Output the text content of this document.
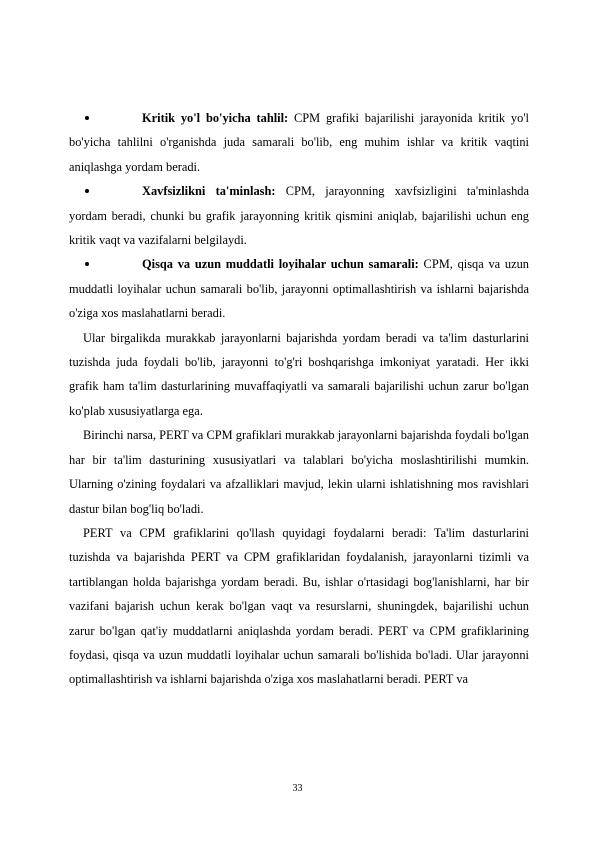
Kritik yo'l bo'yicha tahlil: CPM grafiki bajarilishi jarayonida kritik yo'l bo'yicha tahlilni o'rganishda juda samarali bo'lib, eng muhim ishlar va kritik vaqtini aniqlashga yordam beradi.

Xavfsizlikni ta'minlash: CPM, jarayonning xavfsizligini ta'minlashda yordam beradi, chunki bu grafik jarayonning kritik qismini aniqlab, bajarilishi uchun eng kritik vaqt va vazifalarni belgilaydi.

Qisqa va uzun muddatli loyihalar uchun samarali: CPM, qisqa va uzun muddatli loyihalar uchun samarali bo'lib, jarayonni optimallashtirish va ishlarni bajarishda o'ziga xos maslahatlarni beradi.

Ular birgalikda murakkab jarayonlarni bajarishda yordam beradi va ta'lim dasturlarini tuzishda juda foydali bo'lib, jarayonni to'g'ri boshqarishga imkoniyat yaratadi. Her ikki grafik ham ta'lim dasturlarining muvaffaqiyatli va samarali bajarilishi uchun zarur bo'lgan ko'plab xususiyatlarga ega.

Birinchi narsa, PERT va CPM grafiklari murakkab jarayonlarni bajarishda foydali bo'lgan har bir ta'lim dasturining xususiyatlari va talablari bo'yicha moslashtirilishi mumkin. Ularning o'zining foydalari va afzalliklari mavjud, lekin ularni ishlatishning mos ravishlari dastur bilan bog'liq bo'ladi.

PERT va CPM grafiklarini qo'llash quyidagi foydalarni beradi: Ta'lim dasturlarini tuzishda va bajarishda PERT va CPM grafiklaridan foydalanish, jarayonlarni tizimli va tartiblangan holda bajarishga yordam beradi. Bu, ishlar o'rtasidagi bog'lanishlarni, har bir vazifani bajarish uchun kerak bo'lgan vaqt va resurslarni, shuningdek, bajarilishi uchun zarur bo'lgan qat'iy muddatlarni aniqlashda yordam beradi. PERT va CPM grafiklarining foydasi, qisqa va uzun muddatli loyihalar uchun samarali bo'lishida bo'ladi. Ular jarayonni optimallashtirish va ishlarni bajarishda o'ziga xos maslahatlarni beradi. PERT va

33
